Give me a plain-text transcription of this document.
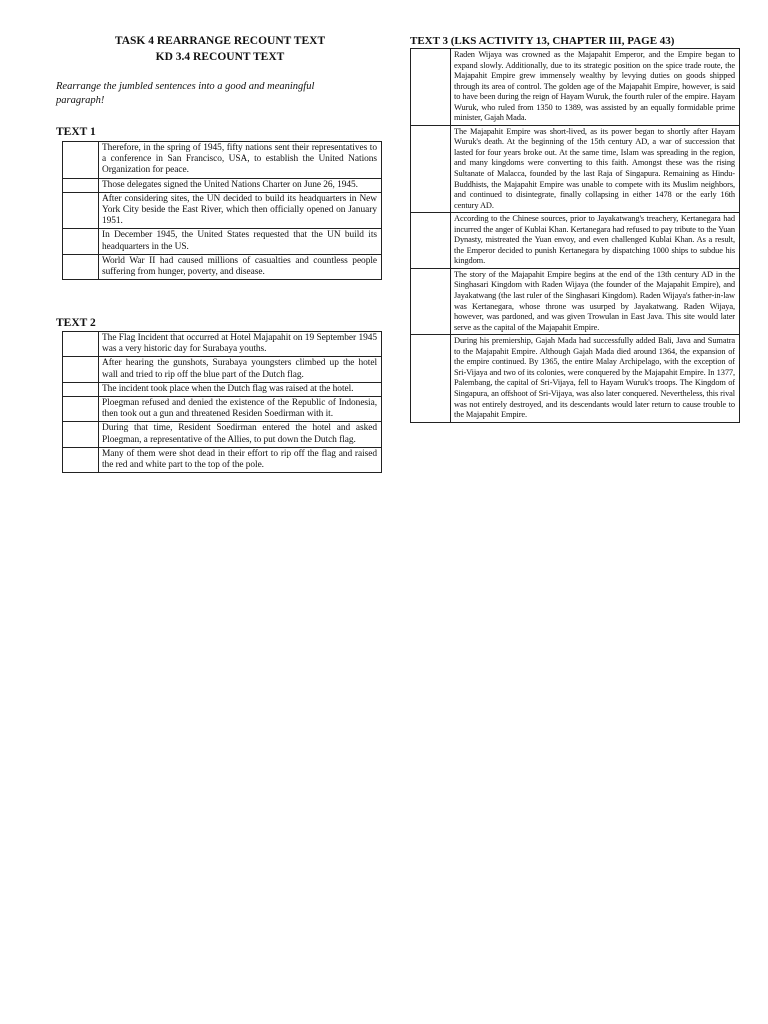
TASK 4 REARRANGE RECOUNT TEXT
KD 3.4 RECOUNT TEXT
Rearrange the jumbled sentences into a good and meaningful paragraph!
TEXT 1
	Therefore, in the spring of 1945, fifty nations sent their representatives to a conference in San Francisco, USA, to establish the United Nations Organization for peace.
	Those delegates signed the United Nations Charter on June 26, 1945.
	After considering sites, the UN decided to build its headquarters in New York City beside the East River, which then officially opened on January 1951.
	In December 1945, the United States requested that the UN build its headquarters in the US.
	World War II had caused millions of casualties and countless people suffering from hunger, poverty, and disease.
TEXT 2
	The Flag Incident that occurred at Hotel Majapahit on 19 September 1945 was a very historic day for Surabaya youths.
	After hearing the gunshots, Surabaya youngsters climbed up the hotel wall and tried to rip off the blue part of the Dutch flag.
	The incident took place when the Dutch flag was raised at the hotel.
	Ploegman refused and denied the existence of the Republic of Indonesia, then took out a gun and threatened Residen Soedirman with it.
	During that time, Resident Soedirman entered the hotel and asked Ploegman, a representative of the Allies, to put down the Dutch flag.
	Many of them were shot dead in their effort to rip off the flag and raised the red and white part to the top of the pole.
TEXT 3 (LKS ACTIVITY 13, CHAPTER III, PAGE 43)
	Raden Wijaya was crowned as the Majapahit Emperor, and the Empire began to expand slowly. Additionally, due to its strategic position on the spice trade route, the Majapahit Empire grew immensely wealthy by levying duties on goods shipped through its area of control. The golden age of the Majapahit Empire, however, is said to have been during the reign of Hayam Wuruk, the fourth ruler of the empire. Hayam Wuruk, who ruled from 1350 to 1389, was assisted by an equally formidable prime minister, Gajah Mada.
	The Majapahit Empire was short-lived, as its power began to shortly after Hayam Wuruk's death. At the beginning of the 15th century AD, a war of succession that lasted for four years broke out. At the same time, Islam was spreading in the region, and many kingdoms were converting to this faith. Amongst these was the rising Sultanate of Malacca, founded by the last Raja of Singapura. Remaining as Hindu-Buddhists, the Majapahit Empire was unable to compete with its Muslim neighbors, and continued to disintegrate, finally collapsing in either 1478 or the early 16th century AD.
	According to the Chinese sources, prior to Jayakatwang's treachery, Kertanegara had incurred the anger of Kublai Khan. Kertanegara had refused to pay tribute to the Yuan Dynasty, mistreated the Yuan envoy, and even challenged Kublai Khan. As a result, the Emperor decided to punish Kertanegara by dispatching 1000 ships to subdue his kingdom.
	The story of the Majapahit Empire begins at the end of the 13th century AD in the Singhasari Kingdom with Raden Wijaya (the founder of the Majapahit Empire), and Jayakatwang (the last ruler of the Singhasari Kingdom). Raden Wijaya's father-in-law was Kertanegara, whose throne was usurped by Jayakatwang. Raden Wijaya, however, was pardoned, and was given Trowulan in East Java. This site would later serve as the capital of the Majapahit Empire.
	During his premiership, Gajah Mada had successfully added Bali, Java and Sumatra to the Majapahit Empire. Although Gajah Mada died around 1364, the expansion of the empire continued. By 1365, the entire Malay Archipelago, with the exception of Sri-Vijaya and two of its colonies, were conquered by the Majapahit Empire. In 1377, Palembang, the capital of Sri-Vijaya, fell to Hayam Wuruk's troops. The Kingdom of Singapura, an offshoot of Sri-Vijaya, was also later conquered. Nevertheless, this rival was not entirely destroyed, and its descendants would later return to cause trouble to the Majapahit Empire.
